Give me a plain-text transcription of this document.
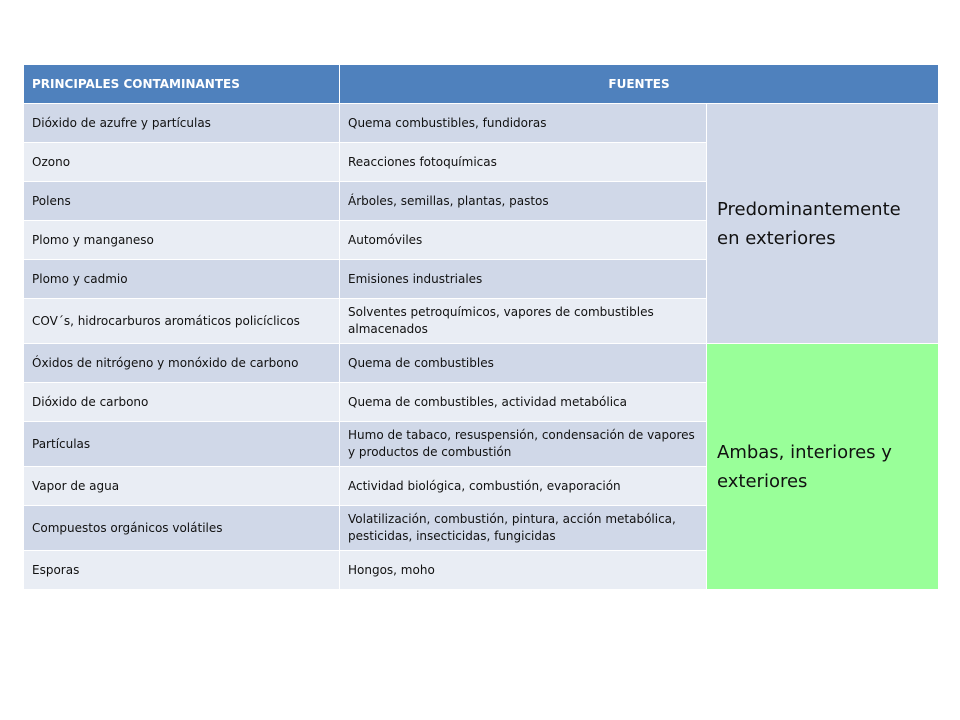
PRINCIPALES CONTAMINANTES	FUENTES	
Dióxido de azufre y partículas	Quema combustibles, fundidoras	Predominantemente en exteriores
Ozono	Reacciones fotoquímicas	
Polens	Árboles, semillas, plantas, pastos	
Plomo y manganeso	Automóviles	
Plomo y cadmio	Emisiones industriales	
COV´s, hidrocarburos aromáticos policíclicos	Solventes petroquímicos, vapores de combustibles almacenados	
Óxidos de nitrógeno y monóxido de carbono	Quema de combustibles	Ambas, interiores y exteriores
Dióxido de carbono	Quema de combustibles, actividad metabólica	
Partículas	Humo de tabaco, resuspensión, condensación de vapores y productos de combustión	
Vapor de agua	Actividad biológica, combustión, evaporación	
Compuestos orgánicos volátiles	Volatilización, combustión, pintura, acción metabólica, pesticidas, insecticidas, fungicidas	
Esporas	Hongos, moho	
